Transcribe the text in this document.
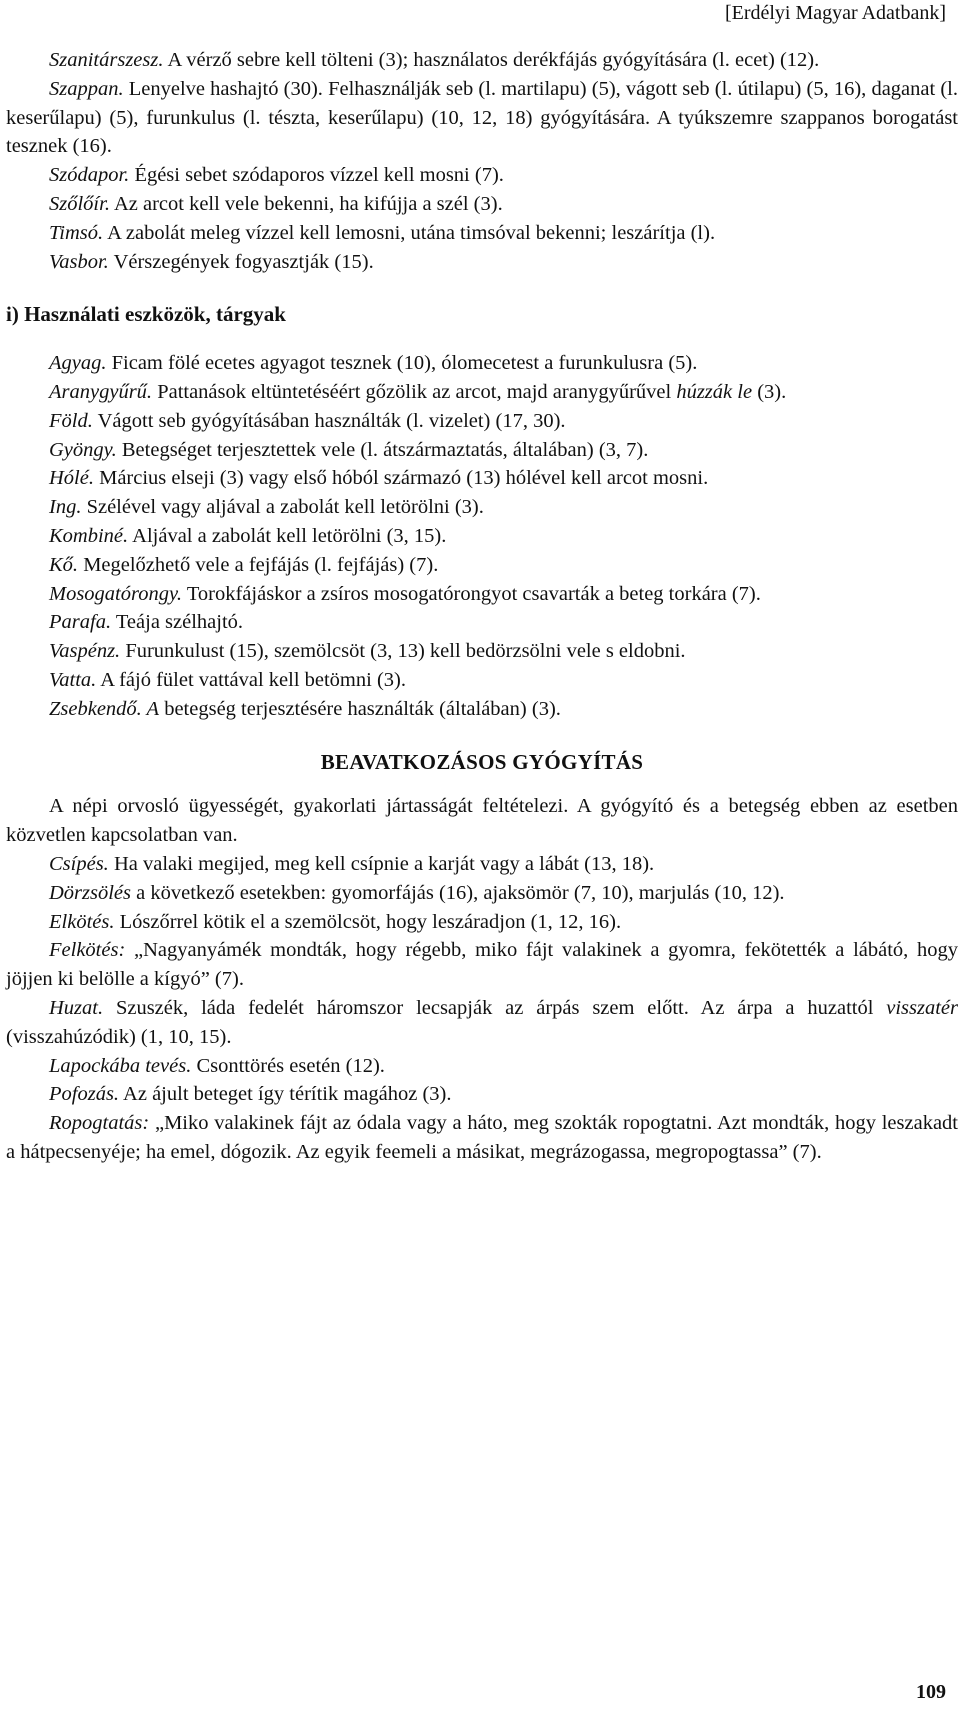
[Erdélyi Magyar Adatbank]

Szanitárszesz. A vérző sebre kell tölteni (3); használatos derékfájás gyógyítására (l. ecet) (12).

Szappan. Lenyelve hashajtó (30). Felhasználják seb (l. martilapu) (5), vágott seb (l. útilapu) (5, 16), daganat (l. keserűlapu) (5), furunkulus (l. tészta, keserűlapu) (10, 12, 18) gyógyítására. A tyúkszemre szappanos borogatást tesznek (16).

Szódapor. Égési sebet szódaporos vízzel kell mosni (7).

Szőlőír. Az arcot kell vele bekenni, ha kifújja a szél (3).

Timsó. A zabolát meleg vízzel kell lemosni, utána timsóval bekenni; leszárítja (l).

Vasbor. Vérszegények fogyasztják (15).

i) Használati eszközök, tárgyak

Agyag. Ficam fölé ecetes agyagot tesznek (10), ólomecetest a furunkulusra (5).

Aranygyűrű. Pattanások eltüntetéséért gőzölik az arcot, majd aranygyűrűvel húzzák le (3).

Föld. Vágott seb gyógyításában használták (l. vizelet) (17, 30).

Gyöngy. Betegséget terjesztettek vele (l. átszármaztatás, általában) (3, 7).

Hólé. Március elseji (3) vagy első hóból származó (13) hólével kell arcot mosni.

Ing. Szélével vagy aljával a zabolát kell letörölni (3).

Kombiné. Aljával a zabolát kell letörölni (3, 15).

Kő. Megelőzhető vele a fejfájás (l. fejfájás) (7).

Mosogatórongy. Torokfájáskor a zsíros mosogatórongyot csavarták a beteg torkára (7).

Parafa. Teája szélhajtó.

Vaspénz. Furunkulust (15), szemölcsöt (3, 13) kell bedörzsölni vele s eldobni.

Vatta. A fájó fület vattával kell betömni (3).

Zsebkendő. A betegség terjesztésére használták (általában) (3).

BEAVATKOZÁSOS GYÓGYÍTÁS

A népi orvosló ügyességét, gyakorlati jártasságát feltételezi. A gyógyító és a betegség ebben az esetben közvetlen kapcsolatban van.

Csípés. Ha valaki megijed, meg kell csípnie a karját vagy a lábát (13, 18).

Dörzsölés a következő esetekben: gyomorfájás (16), ajaksömör (7, 10), marjulás (10, 12).

Elkötés. Lószőrrel kötik el a szemölcsöt, hogy leszáradjon (1, 12, 16).

Felkötés: „Nagyanyámék mondták, hogy régebb, miko fájt valakinek a gyomra, fekötették a lábátó, hogy jöjjen ki belölle a kígyó” (7).

Huzat. Szuszék, láda fedelét háromszor lecsapják az árpás szem előtt. Az árpa a huzattól visszatér (visszahúzódik) (1, 10, 15).

Lapockába tevés. Csonttörés esetén (12).

Pofozás. Az ájult beteget így térítik magához (3).

Ropogtatás: „Miko valakinek fájt az ódala vagy a háto, meg szokták ropogtatni. Azt mondták, hogy leszakadt a hátpecsenyéje; ha emel, dógozik. Az egyik feemeli a másikat, megrázogassa, megropogtassa” (7).

109
